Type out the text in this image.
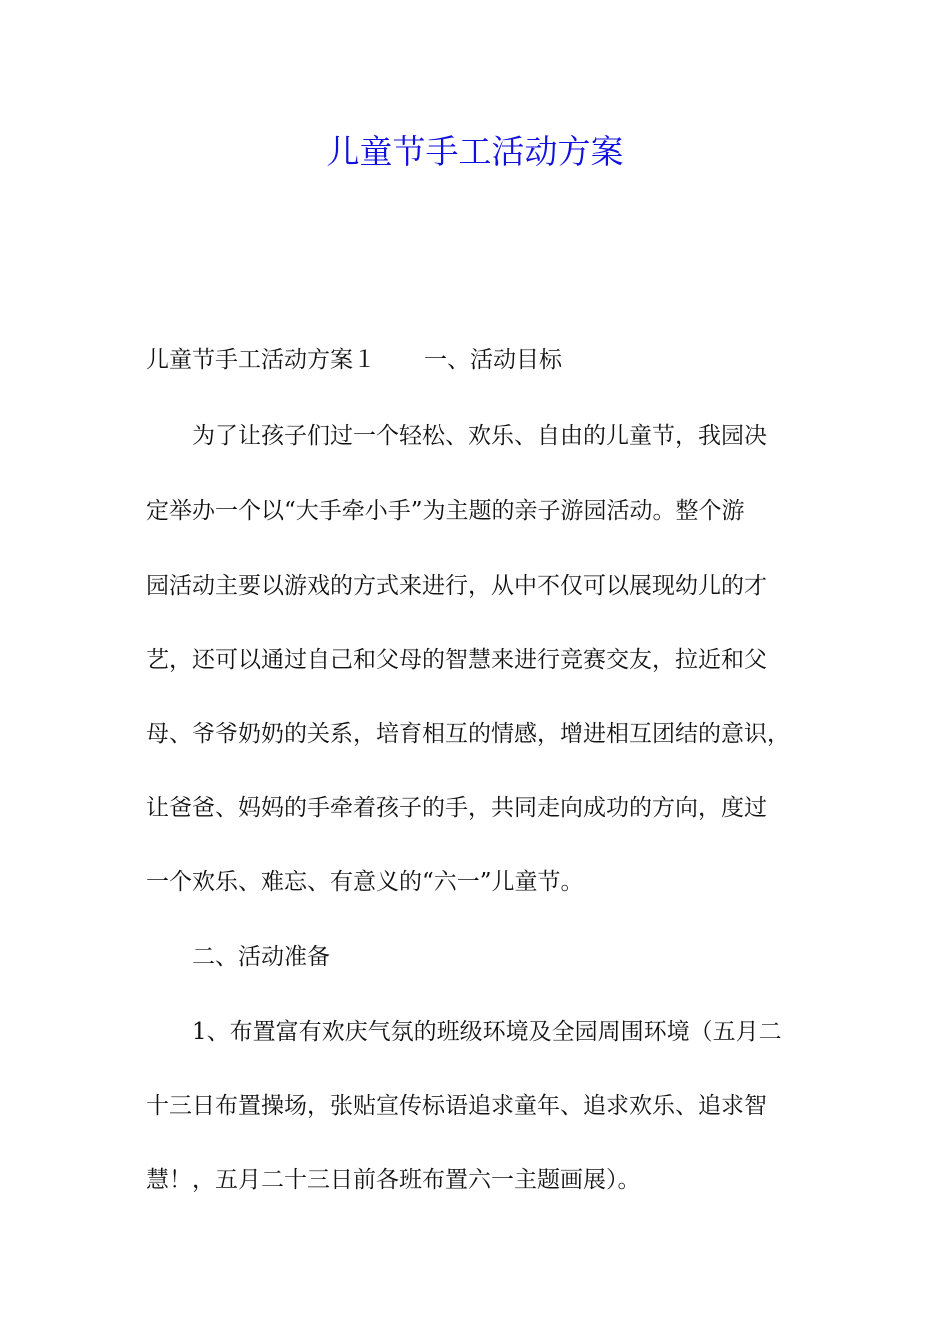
儿童节手工活动方案
儿童节手工活动方案１ 一、活动目标
为了让孩子们过一个轻松、欢乐、自由的儿童节，我园决
定举办一个以“大手牵小手”为主题的亲子游园活动。整个游
园活动主要以游戏的方式来进行，从中不仅可以展现幼儿的才
艺，还可以通过自己和父母的智慧来进行竞赛交友，拉近和父
母、爷爷奶奶的关系，培育相互的情感，增进相互团结的意识，
让爸爸、妈妈的手牵着孩子的手，共同走向成功的方向，度过
一个欢乐、难忘、有意义的“六一”儿童节。
二、活动准备
1、布置富有欢庆气氛的班级环境及全园周围环境（五月二
十三日布置操场，张贴宣传标语追求童年、追求欢乐、追求智
慧！，五月二十三日前各班布置六一主题画展）。
